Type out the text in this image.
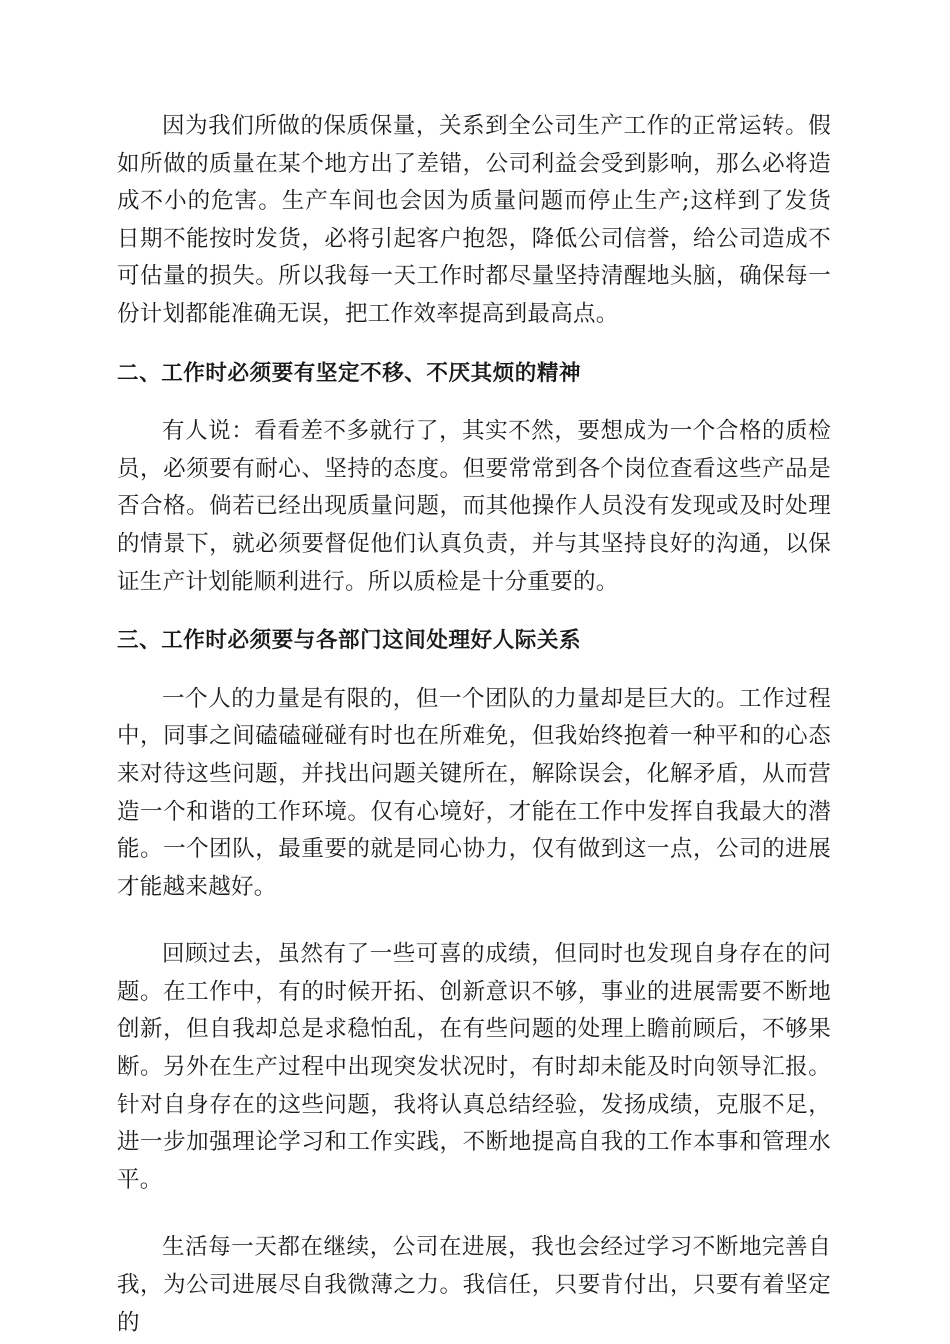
因为我们所做的保质保量，关系到全公司生产工作的正常运转。假如所做的质量在某个地方出了差错，公司利益会受到影响，那么必将造成不小的危害。生产车间也会因为质量问题而停止生产;这样到了发货日期不能按时发货，必将引起客户抱怨，降低公司信誉，给公司造成不可估量的损失。所以我每一天工作时都尽量坚持清醒地头脑，确保每一份计划都能准确无误，把工作效率提高到最高点。

二、工作时必须要有坚定不移、不厌其烦的精神

有人说：看看差不多就行了，其实不然，要想成为一个合格的质检员，必须要有耐心、坚持的态度。但要常常到各个岗位查看这些产品是否合格。倘若已经出现质量问题，而其他操作人员没有发现或及时处理的情景下，就必须要督促他们认真负责，并与其坚持良好的沟通，以保证生产计划能顺利进行。所以质检是十分重要的。

三、工作时必须要与各部门这间处理好人际关系

一个人的力量是有限的，但一个团队的力量却是巨大的。工作过程中，同事之间磕磕碰碰有时也在所难免，但我始终抱着一种平和的心态来对待这些问题，并找出问题关键所在，解除误会，化解矛盾，从而营造一个和谐的工作环境。仅有心境好，才能在工作中发挥自我最大的潜能。一个团队，最重要的就是同心协力，仅有做到这一点，公司的进展才能越来越好。

回顾过去，虽然有了一些可喜的成绩，但同时也发现自身存在的问题。在工作中，有的时候开拓、创新意识不够，事业的进展需要不断地创新，但自我却总是求稳怕乱，在有些问题的处理上瞻前顾后，不够果断。另外在生产过程中出现突发状况时，有时却未能及时向领导汇报。针对自身存在的这些问题，我将认真总结经验，发扬成绩，克服不足，进一步加强理论学习和工作实践，不断地提高自我的工作本事和管理水平。

生活每一天都在继续，公司在进展，我也会经过学习不断地完善自我，为公司进展尽自我微薄之力。我信任，只要肯付出，只要有着坚定的
